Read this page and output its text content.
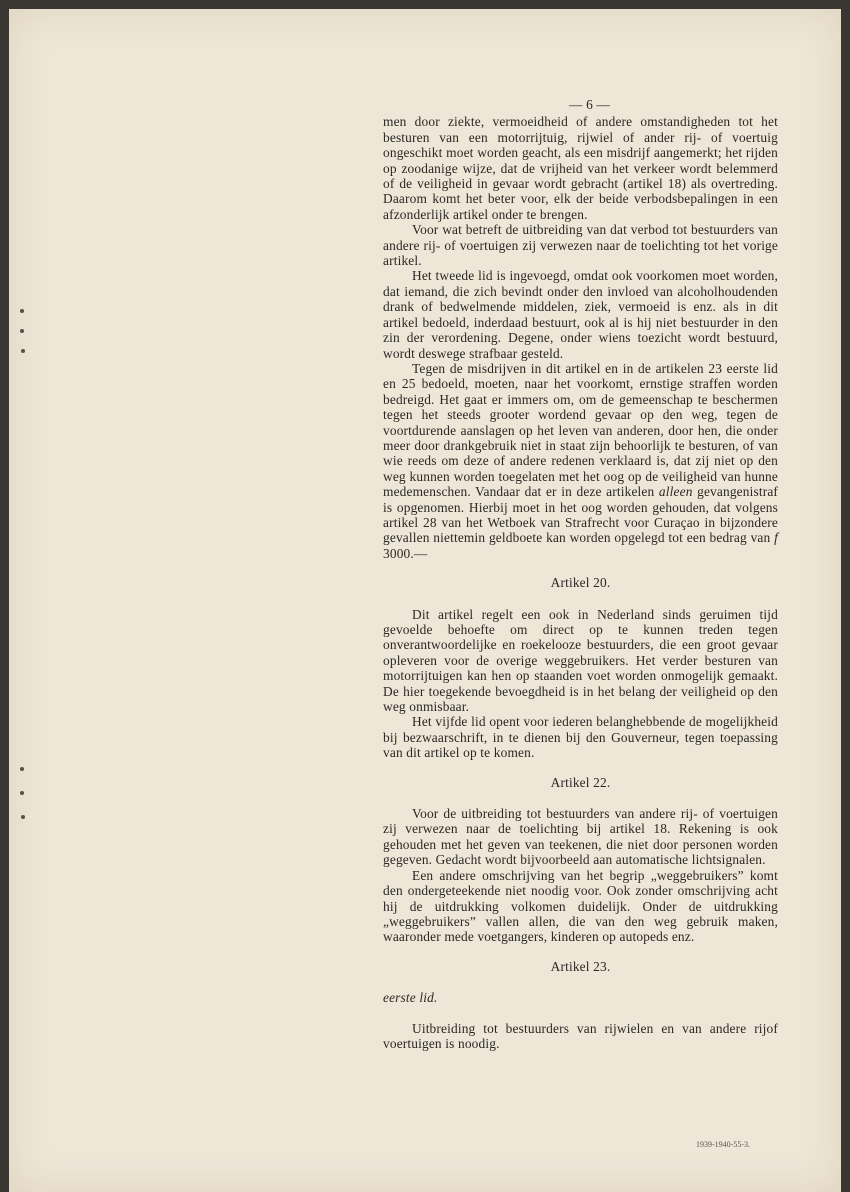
— 6 —

men door ziekte, vermoeidheid of andere omstandigheden tot het besturen van een motorrijtuig, rijwiel of ander rij- of voertuig ongeschikt moet worden geacht, als een misdrijf aangemerkt; het rijden op zoodanige wijze, dat de vrijheid van het verkeer wordt belemmerd of de veiligheid in gevaar wordt gebracht (artikel 18) als overtreding. Daarom komt het beter voor, elk der beide verbodsbepalingen in een afzonderlijk artikel onder te brengen.

Voor wat betreft de uitbreiding van dat verbod tot bestuurders van andere rij- of voertuigen zij verwezen naar de toelichting tot het vorige artikel.

Het tweede lid is ingevoegd, omdat ook voorkomen moet worden, dat iemand, die zich bevindt onder den invloed van alcoholhoudenden drank of bedwelmende middelen, ziek, vermoeid is enz. als in dit artikel bedoeld, inderdaad bestuurt, ook al is hij niet bestuurder in den zin der verordening. Degene, onder wiens toezicht wordt bestuurd, wordt deswege strafbaar gesteld.

Tegen de misdrijven in dit artikel en in de artikelen 23 eerste lid en 25 bedoeld, moeten, naar het voorkomt, ernstige straffen worden bedreigd. Het gaat er immers om, om de gemeenschap te beschermen tegen het steeds grooter wordend gevaar op den weg, tegen de voortdurende aanslagen op het leven van anderen, door hen, die onder meer door drankgebruik niet in staat zijn behoorlijk te besturen, of van wie reeds om deze of andere redenen verklaard is, dat zij niet op den weg kunnen worden toegelaten met het oog op de veiligheid van hunne medemenschen. Vandaar dat er in deze artikelen alleen gevangenistraf is opgenomen. Hierbij moet in het oog worden gehouden, dat volgens artikel 28 van het Wetboek van Strafrecht voor Curaçao in bijzondere gevallen niettemin geldboete kan worden opgelegd tot een bedrag van f 3000.—

Artikel 20.

Dit artikel regelt een ook in Nederland sinds geruimen tijd gevoelde behoefte om direct op te kunnen treden tegen onverantwoordelijke en roekelooze bestuurders, die een groot gevaar opleveren voor de overige weggebruikers. Het verder besturen van motorrijtuigen kan hen op staanden voet worden onmogelijk gemaakt. De hier toegekende bevoegdheid is in het belang der veiligheid op den weg onmisbaar.

Het vijfde lid opent voor iederen belanghebbende de mogelijkheid bij bezwaarschrift, in te dienen bij den Gouverneur, tegen toepassing van dit artikel op te komen.

Artikel 22.

Voor de uitbreiding tot bestuurders van andere rij- of voertuigen zij verwezen naar de toelichting bij artikel 18. Rekening is ook gehouden met het geven van teekenen, die niet door personen worden gegeven. Gedacht wordt bijvoorbeeld aan automatische lichtsignalen.

Een andere omschrijving van het begrip „weggebruikers” komt den ondergeteekende niet noodig voor. Ook zonder omschrijving acht hij de uitdrukking volkomen duidelijk. Onder de uitdrukking „weggebruikers” vallen allen, die van den weg gebruik maken, waaronder mede voetgangers, kinderen op autopeds enz.

Artikel 23.

eerste lid.

Uitbreiding tot bestuurders van rijwielen en van andere rijof voertuigen is noodig.

1939-1940-55-3.
